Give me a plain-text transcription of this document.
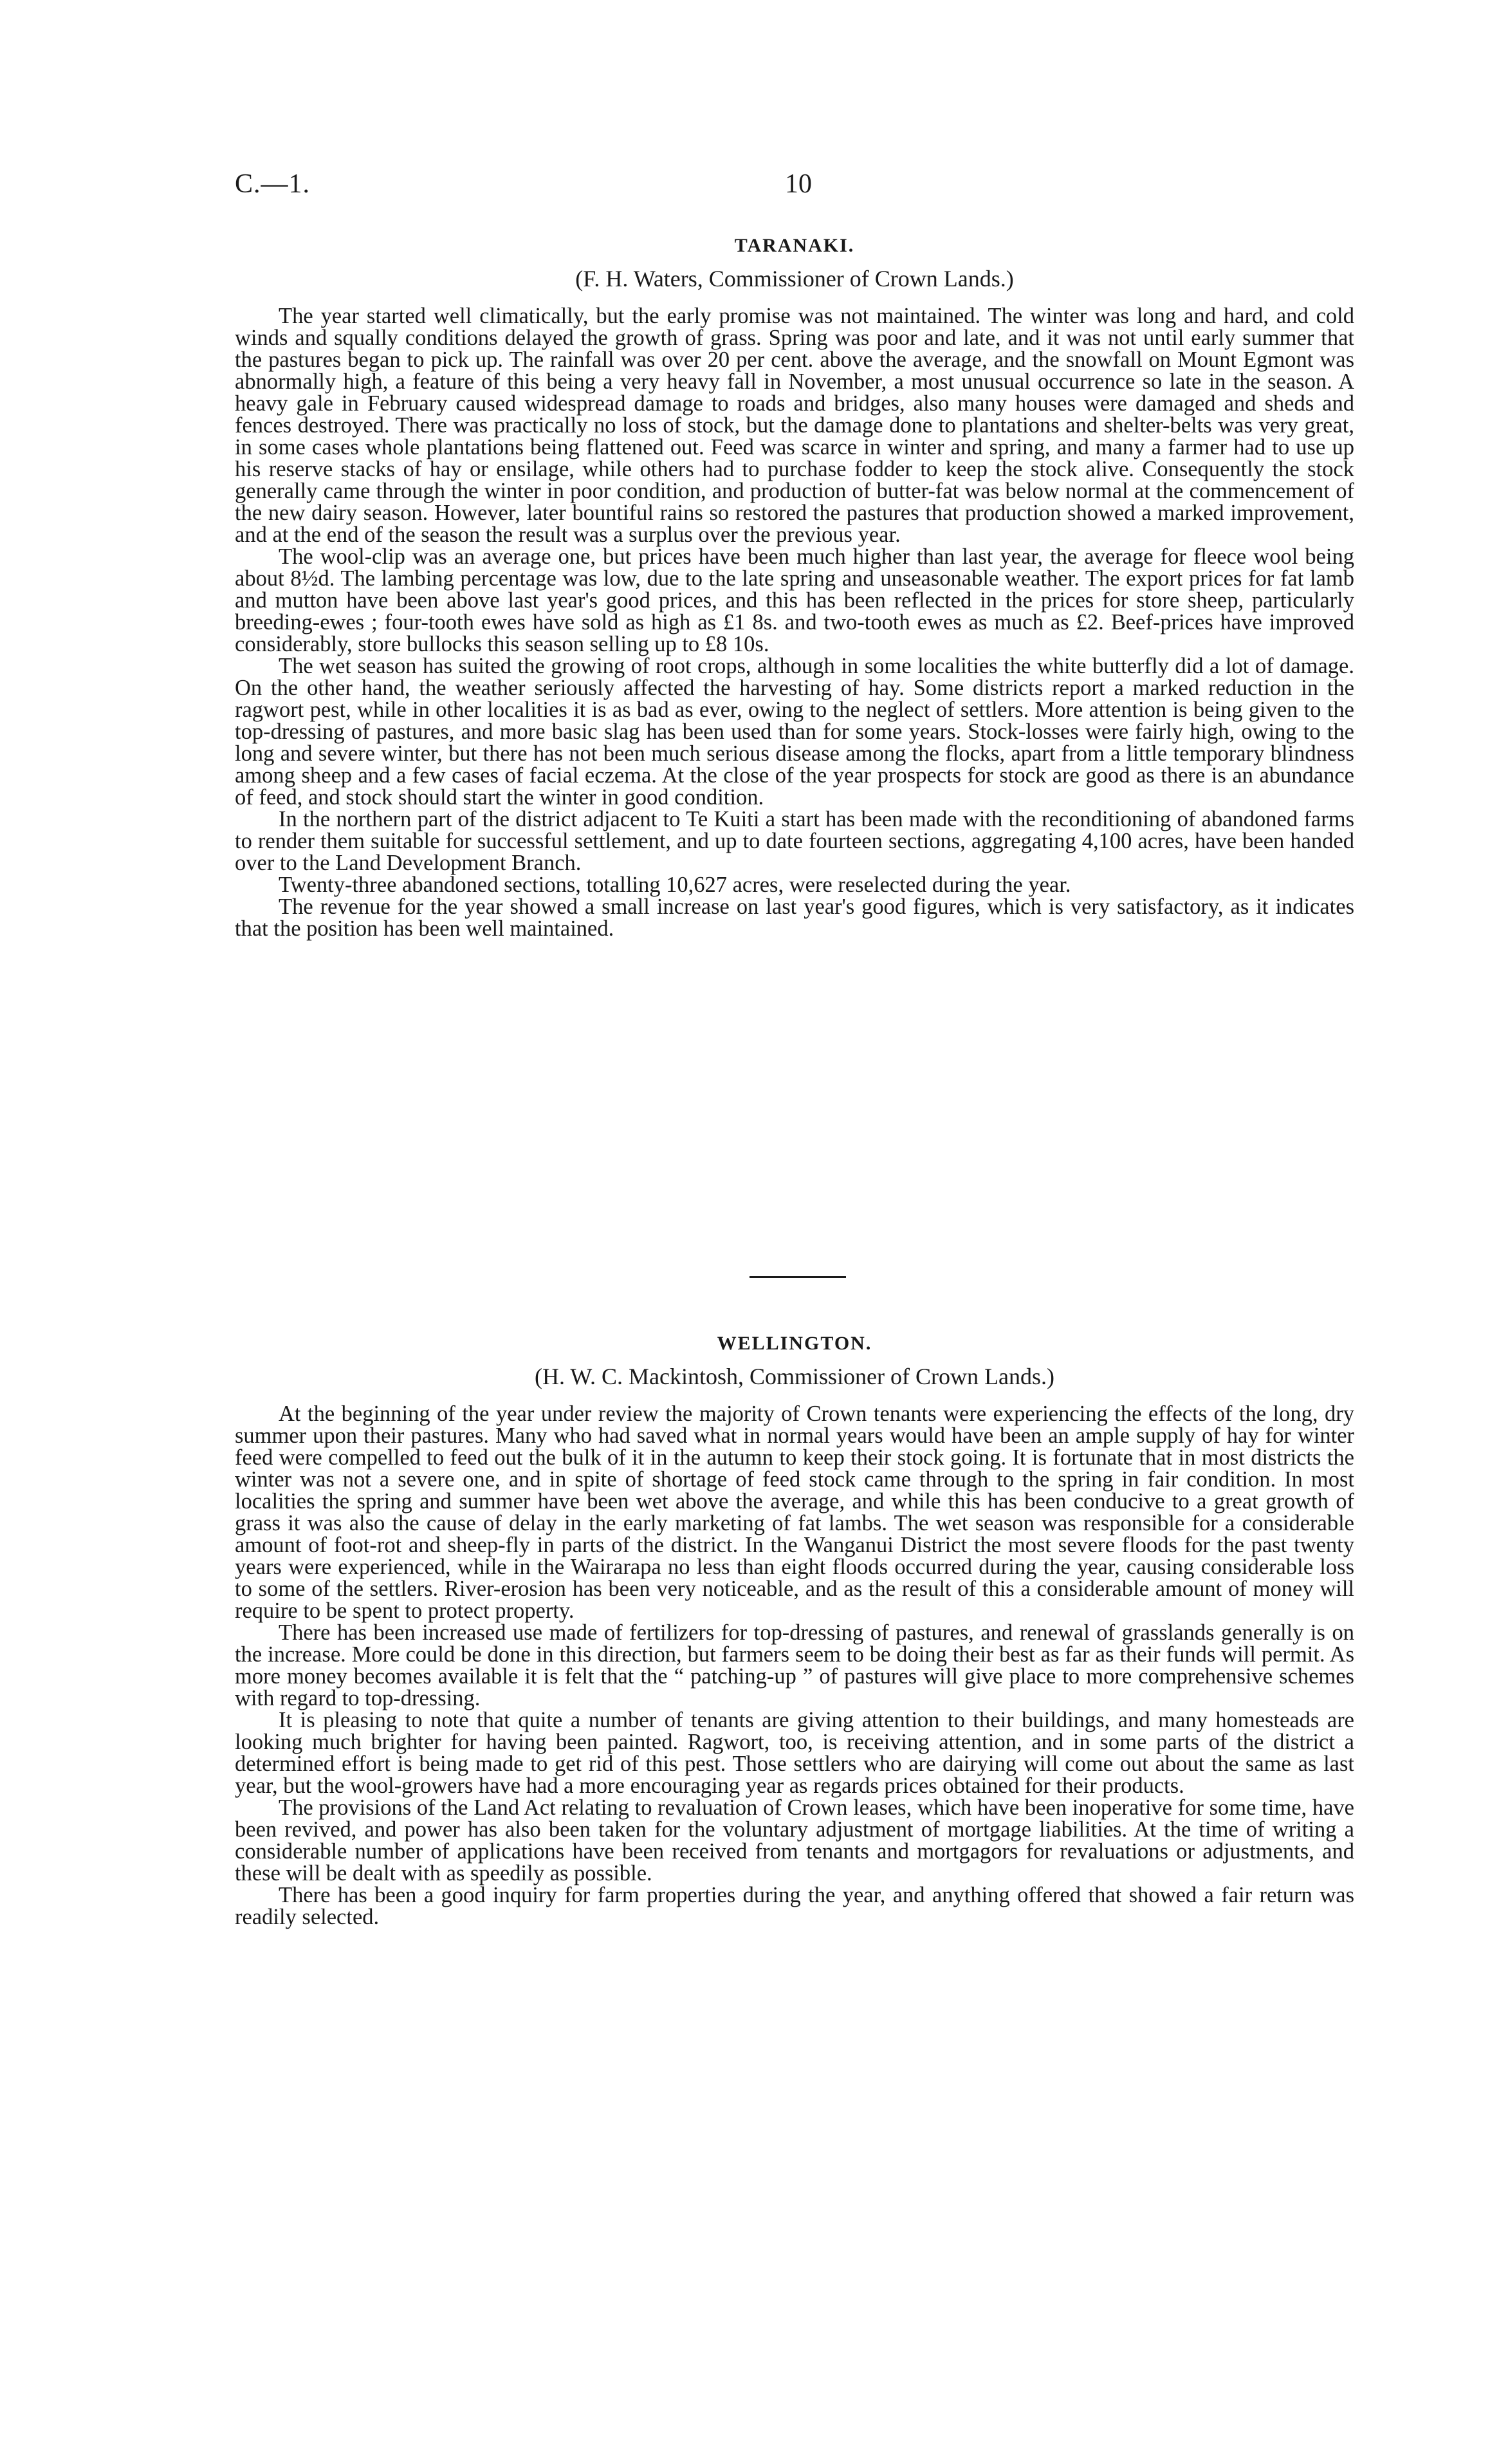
C.—1.	10
TARANAKI.

(F. H. Waters, Commissioner of Crown Lands.)

The year started well climatically, but the early promise was not maintained. The winter was long and hard, and cold winds and squally conditions delayed the growth of grass. Spring was poor and late, and it was not until early summer that the pastures began to pick up. The rainfall was over 20 per cent. above the average, and the snowfall on Mount Egmont was abnormally high, a feature of this being a very heavy fall in November, a most unusual occurrence so late in the season. A heavy gale in February caused widespread damage to roads and bridges, also many houses were damaged and sheds and fences destroyed. There was practically no loss of stock, but the damage done to plantations and shelter-belts was very great, in some cases whole plantations being flattened out. Feed was scarce in winter and spring, and many a farmer had to use up his reserve stacks of hay or ensilage, while others had to purchase fodder to keep the stock alive. Consequently the stock generally came through the winter in poor condition, and production of butter-fat was below normal at the commencement of the new dairy season. However, later bountiful rains so restored the pastures that production showed a marked improvement, and at the end of the season the result was a surplus over the previous year.

The wool-clip was an average one, but prices have been much higher than last year, the average for fleece wool being about 8½d. The lambing percentage was low, due to the late spring and unseasonable weather. The export prices for fat lamb and mutton have been above last year's good prices, and this has been reflected in the prices for store sheep, particularly breeding-ewes ; four-tooth ewes have sold as high as £1 8s. and two-tooth ewes as much as £2. Beef-prices have improved considerably, store bullocks this season selling up to £8 10s.

The wet season has suited the growing of root crops, although in some localities the white butterfly did a lot of damage. On the other hand, the weather seriously affected the harvesting of hay. Some districts report a marked reduction in the ragwort pest, while in other localities it is as bad as ever, owing to the neglect of settlers. More attention is being given to the top-dressing of pastures, and more basic slag has been used than for some years. Stock-losses were fairly high, owing to the long and severe winter, but there has not been much serious disease among the flocks, apart from a little temporary blindness among sheep and a few cases of facial eczema. At the close of the year prospects for stock are good as there is an abundance of feed, and stock should start the winter in good condition.

In the northern part of the district adjacent to Te Kuiti a start has been made with the reconditioning of abandoned farms to render them suitable for successful settlement, and up to date fourteen sections, aggregating 4,100 acres, have been handed over to the Land Development Branch.

Twenty-three abandoned sections, totalling 10,627 acres, were reselected during the year.

The revenue for the year showed a small increase on last year's good figures, which is very satisfactory, as it indicates that the position has been well maintained.

WELLINGTON.

(H. W. C. Mackintosh, Commissioner of Crown Lands.)

At the beginning of the year under review the majority of Crown tenants were experiencing the effects of the long, dry summer upon their pastures. Many who had saved what in normal years would have been an ample supply of hay for winter feed were compelled to feed out the bulk of it in the autumn to keep their stock going. It is fortunate that in most districts the winter was not a severe one, and in spite of shortage of feed stock came through to the spring in fair condition. In most localities the spring and summer have been wet above the average, and while this has been conducive to a great growth of grass it was also the cause of delay in the early marketing of fat lambs. The wet season was responsible for a considerable amount of foot-rot and sheep-fly in parts of the district. In the Wanganui District the most severe floods for the past twenty years were experienced, while in the Wairarapa no less than eight floods occurred during the year, causing considerable loss to some of the settlers. River-erosion has been very noticeable, and as the result of this a considerable amount of money will require to be spent to protect property.

There has been increased use made of fertilizers for top-dressing of pastures, and renewal of grasslands generally is on the increase. More could be done in this direction, but farmers seem to be doing their best as far as their funds will permit. As more money becomes available it is felt that the “ patching-up ” of pastures will give place to more comprehensive schemes with regard to top-dressing.

It is pleasing to note that quite a number of tenants are giving attention to their buildings, and many homesteads are looking much brighter for having been painted. Ragwort, too, is receiving attention, and in some parts of the district a determined effort is being made to get rid of this pest. Those settlers who are dairying will come out about the same as last year, but the wool-growers have had a more encouraging year as regards prices obtained for their products.

The provisions of the Land Act relating to revaluation of Crown leases, which have been inoperative for some time, have been revived, and power has also been taken for the voluntary adjustment of mortgage liabilities. At the time of writing a considerable number of applications have been received from tenants and mortgagors for revaluations or adjustments, and these will be dealt with as speedily as possible.

There has been a good inquiry for farm properties during the year, and anything offered that showed a fair return was readily selected.
